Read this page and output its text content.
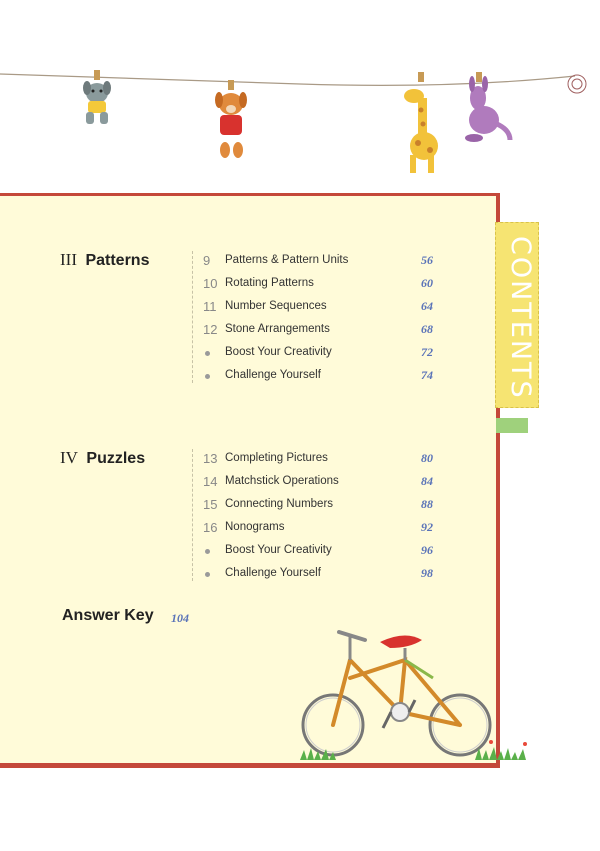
CONTENTS
III Patterns	9	Patterns & Pattern Units	56
10 Rotating Patterns	60
11 Number Sequences	64
12 Stone Arrangements	68
Boost Your Creativity	72
Challenge Yourself	74
IV Puzzles	13 Completing Pictures	80
14 Matchstick Operations	84
15 Connecting Numbers	88
16 Nonograms	92
Boost Your Creativity	96
Challenge Yourself	98
Answer Key 104
